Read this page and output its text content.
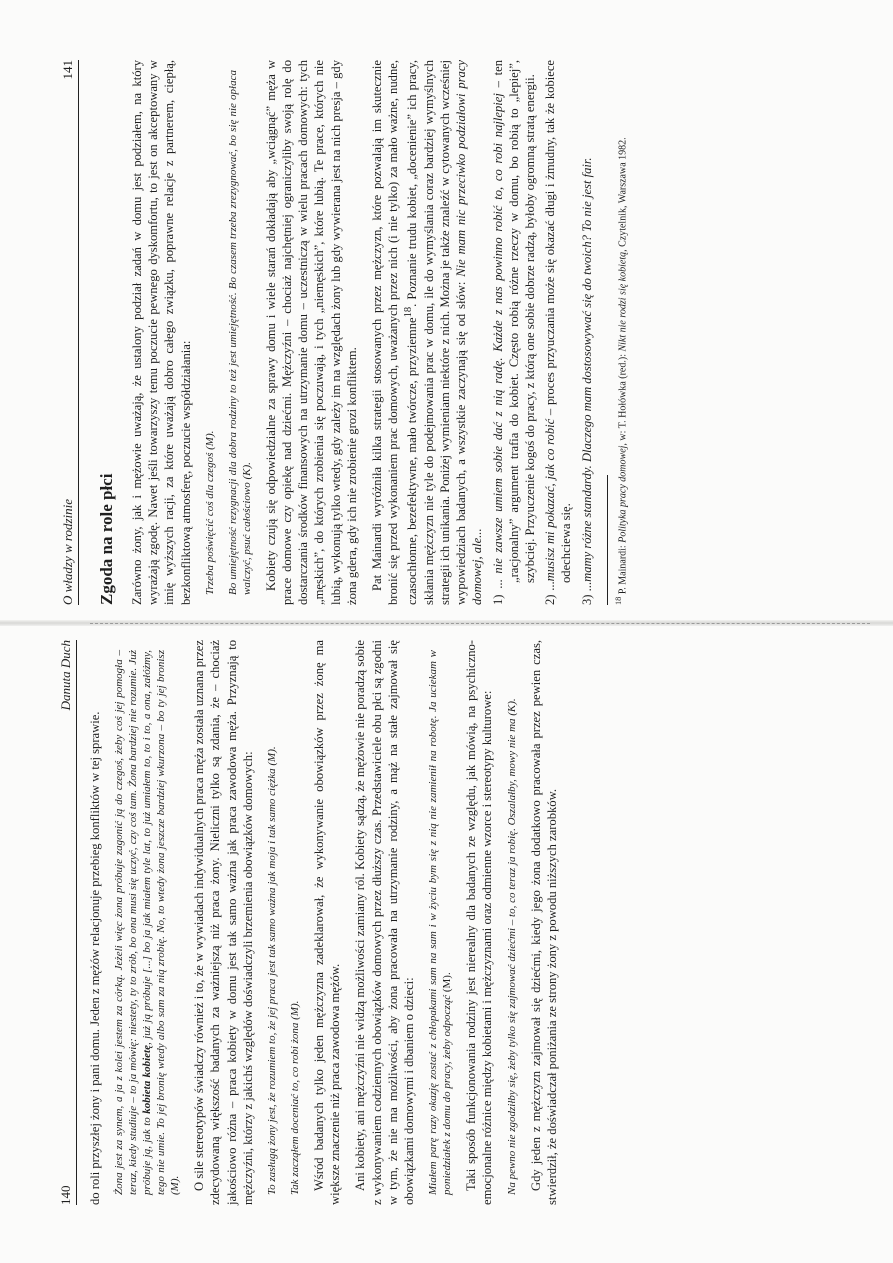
O władzy w rodzinie
141
Zgoda na role płci Zarówno żony, jak i mężowie uważają, że ustalony podział zadań w domu jest podziałem, na który wyrażają zgodę. Nawet jeśli towarzyszy temu poczucie pewnego dyskomfortu, to jest on akceptowany w imię wyższych racji, za które uważają dobro całego związku, poprawne relacje z partnerem, ciepłą, bezkonfliktową atmosferę, poczucie współdziałania: Trzeba poświęcić coś dla czegoś (M). Bo umiejętność rezygnacji dla dobra rodziny to też jest umiejętność. Bo czasem trzeba zrezygnować, bo się nie opłaca walczyć, psuć całościowo (K). Kobiety czują się odpowiedzialne za sprawy domu i wiele starań dokładają aby „wciągnąć” męża w prace domowe czy opiekę nad dziećmi. Mężczyźni – chociaż najchętniej ograniczyliby swoją rolę do dostarczania środków finansowych na utrzymanie domu – uczestniczą w wielu pracach domowych: tych „męskich”, do których zrobienia się poczuwają, i tych „niemęskich”, które lubią. Te prace, których nie lubią, wykonują tylko wtedy, gdy zależy im na względach żony lub gdy wywierana jest na nich presja – gdy żona gdera, gdy ich nie zrobienie grozi konfliktem. Pat Mainardi wyróżniła kilka strategii stosowanych przez mężczyzn, które pozwalają im skutecznie bronić się przed wykonaniem prac domowych, uważanych przez nich (i nie tylko) za mało ważne, nudne, czasochłonne, bezefektywne, mało twórcze, przyziemne$^{18}$. Poznanie trudu kobiet, „docenienie” ich pracy, skłania mężczyzn nie tyle do podejmowania prac w domu, ile do wymyślania coraz bardziej wymyślnych strategii ich unikania. Poniżej wymieniam niektóre z nich. Można je także znaleźć w cytowanych wcześniej wypowiedziach badanych, a wszystkie zaczynają się od słów: Nie mam nic przeciwko podziałowi pracy domowej, ale... 1) ... nie zawsze umiem sobie dać z nią radę. Każde z nas powinno robić to, co robi najlepiej – ten „racjonalny” argument trafia do kobiet. Często robią różne rzeczy w domu, bo robią to „lepiej”, szybciej. Przyuczenie kogoś do pracy, z którą one sobie dobrze radzą, byłoby ogromną stratą energii.

2) ...musisz mi pokazać, jak co robić – proces przyuczania może się okazać długi i żmudny, tak że kobiece odechciewa się.

3) ...mamy różne standardy. Dlaczego mam dostosowywać się do twoich? To nie jest fair.

$^{18}$ P. Mainardi: Polityka pracy domowej, w: T. Hołówka (red.): Nikt nie rodzi się kobietą, Czytelnik, Warszawa 1982.

140
Danuta Duch

do roli przyszłej żony i pani domu. Jeden z mężów relacjonuje przebieg konfliktów w tej sprawie. Żona jest za synem, a ja z kolei jestem za córką. Jeżeli więc żona próbuje zagonić ją do czegoś, żeby coś jej pomogła – teraz, kiedy studiuje – to ja mówię: niestety, ty to zrób, bo ona musi się uczyć, czy coś tam. Żona bardziej nie rozumie. Już próbuje ją, jak to kobieta kobietę, już ją próbuje [...] bo ja jak miałem tyle lat, to już umiałem to, to i to, a ona, załóżmy, tego nie umie. To jej bronię wtedy albo sam za nią zrobię. No, to wtedy żona jeszcze bardziej wkurzona – bo ty jej bronisz (M). O sile stereotypów świadczy również i to, że w wywiadach indywidualnych praca męża została uznana przez zdecydowaną większość badanych za ważniejszą niż praca żony. Nieliczni tylko są zdania, że – chociaż jakościowo różna – praca kobiety w domu jest tak samo ważna jak praca zawodowa męża. Przyznają to mężczyźni, którzy z jakichś względów doświadczyli brzemienia obowiązków domowych: To zasługą żony jest, że rozumiem to, że jej praca jest tak samo ważna jak moja i tak samo ciężka (M). Tak zacząłem doceniać to, co robi żona (M). Wśród badanych tylko jeden mężczyzna zadeklarował, że wykonywanie obowiązków przez żonę ma większe znaczenie niż praca zawodowa mężów. Ani kobiety, ani mężczyźni nie widzą możliwości zamiany ról. Kobiety sądzą, że mężowie nie poradzą sobie z wykonywaniem codziennych obowiązków domowych przez dłuższy czas. Przedstawiciele obu płci są zgodni w tym, że nie ma możliwości, aby żona pracowała na utrzymanie rodziny, a mąż na stałe zajmował się obowiązkami domowymi i dbaniem o dzieci: Miałem parę razy okazję zostać z chłopakami sam na sam i w życiu bym się z nią nie zamienił na robotę. Ja uciekam w poniedziałek z domu do pracy, żeby odpocząć (M). Taki sposób funkcjonowania rodziny jest nierealny dla badanych ze względu, jak mówią, na psychiczno-emocjonalne różnice między kobietami i mężczyznami oraz odmienne wzorce i stereotypy kulturowe: Na pewno nie zgodziłby się, żeby tylko się zajmować dziećmi – to, co teraz ja robię. Oszalałby, mowy nie ma (K). Gdy jeden z mężczyzn zajmował się dziećmi, kiedy jego żona dodatkowo pracowała przez pewien czas, stwierdził, że doświadczał poniżania ze strony żony z powodu niższych zarobków.
